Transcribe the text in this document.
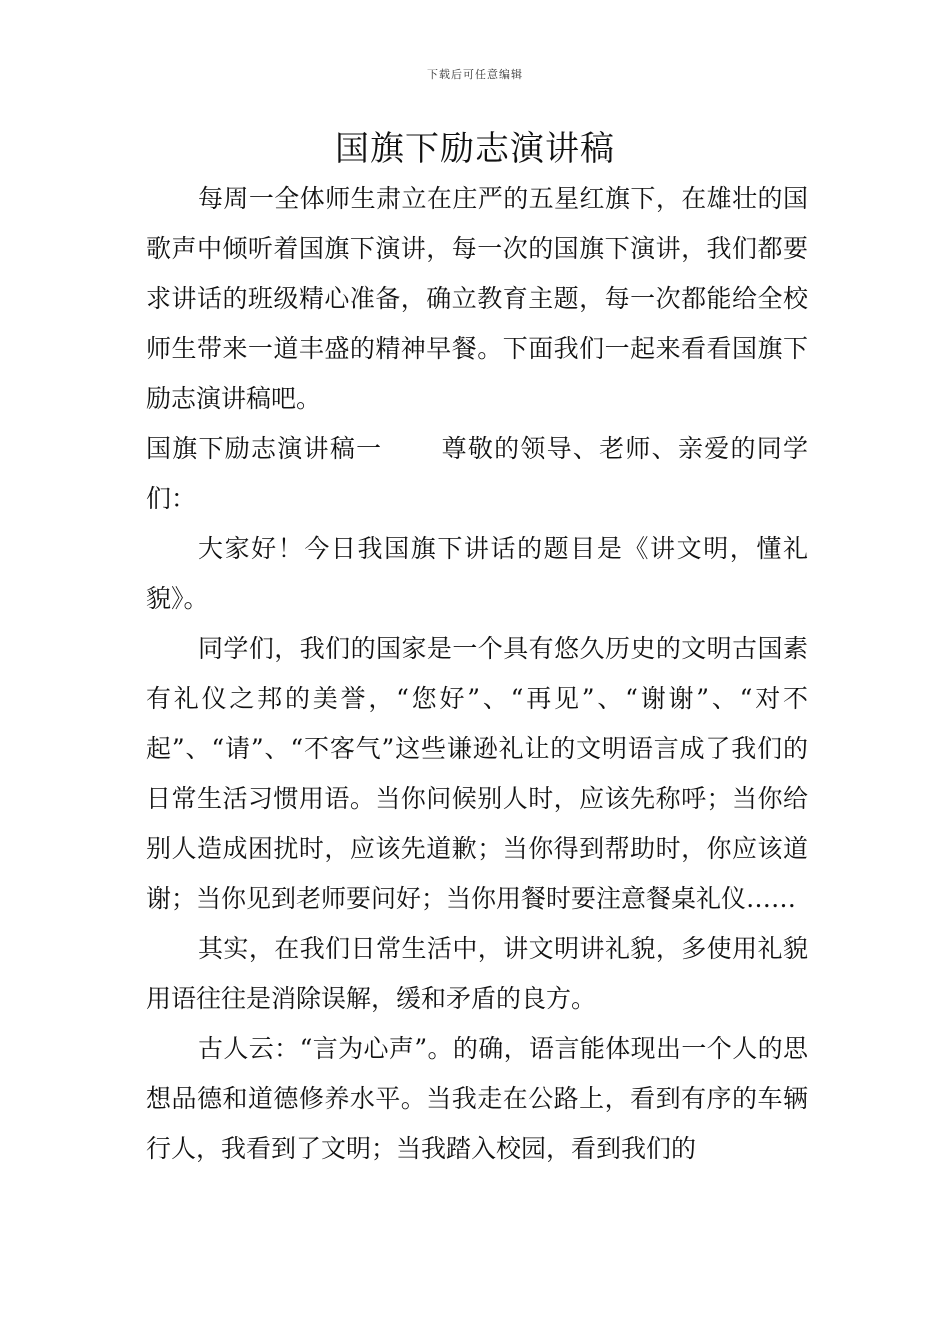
下载后可任意编辑
国旗下励志演讲稿

每周一全体师生肃立在庄严的五星红旗下，在雄壮的国歌声中倾听着国旗下演讲，每一次的国旗下演讲，我们都要求讲话的班级精心准备，确立教育主题，每一次都能给全校师生带来一道丰盛的精神早餐。下面我们一起来看看国旗下励志演讲稿吧。

国旗下励志演讲稿一 尊敬的领导、老师、亲爱的同学们：

大家好！今日我国旗下讲话的题目是《讲文明，懂礼貌》。

同学们，我们的国家是一个具有悠久历史的文明古国素有礼仪之邦的美誉，“您好”、“再见”、“谢谢”、“对不起”、“请”、“不客气”这些谦逊礼让的文明语言成了我们的日常生活习惯用语。当你问候别人时，应该先称呼；当你给别人造成困扰时，应该先道歉；当你得到帮助时，你应该道谢；当你见到老师要问好；当你用餐时要注意餐桌礼仪……

其实，在我们日常生活中，讲文明讲礼貌，多使用礼貌用语往往是消除误解，缓和矛盾的良方。

古人云：“言为心声”。的确，语言能体现出一个人的思想品德和道德修养水平。当我走在公路上，看到有序的车辆行人，我看到了文明；当我踏入校园，看到我们的
